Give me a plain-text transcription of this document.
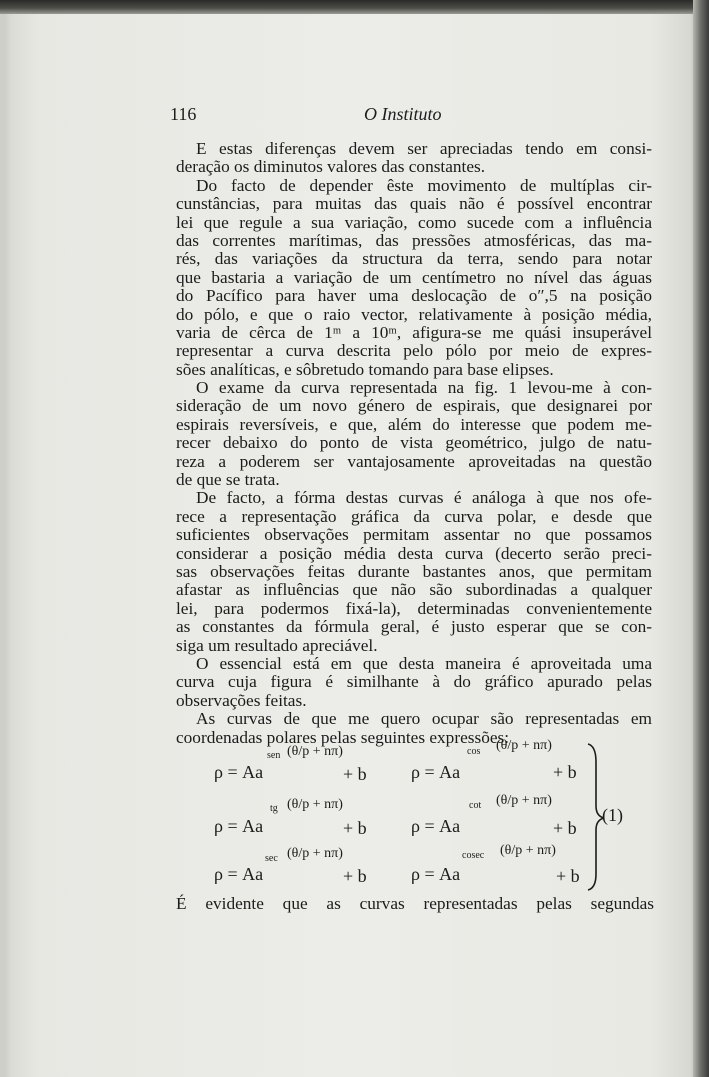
116	O Instituto
E estas diferenças devem ser apreciadas tendo em consi-
deração os diminutos valores das constantes.
Do facto de depender êste movimento de multíplas cir-
cunstâncias, para muitas das quais não é possível encontrar
lei que regule a sua variação, como sucede com a influência
das correntes marítimas, das pressões atmosféricas, das ma-
rés, das variações da structura da terra, sendo para notar
que bastaria a variação de um centímetro no nível das águas
do Pacífico para haver uma deslocação de o″,5 na posição
do pólo, e que o raio vector, relativamente à posição média,
varia de cêrca de 1ᵐ a 10ᵐ, afigura-se me quási insuperável
representar a curva descrita pelo pólo por meio de expres-
sões analíticas, e sôbretudo tomando para base elipses.
O exame da curva representada na fig. 1 levou-me à con-
sideração de um novo género de espirais, que designarei por
espirais reversíveis, e que, além do interesse que podem me-
recer debaixo do ponto de vista geométrico, julgo de natu-
reza a poderem ser vantajosamente aproveitadas na questão
de que se trata.
De facto, a fórma destas curvas é análoga à que nos ofe-
rece a representação gráfica da curva polar, e desde que
suficientes observações permitam assentar no que possamos
considerar a posição média desta curva (decerto serão preci-
sas observações feitas durante bastantes anos, que permitam
afastar as influências que não são subordinadas a qualquer
lei, para podermos fixá-la), determinadas convenientemente
as constantes da fórmula geral, é justo esperar que se con-
siga um resultado apreciável.
O essencial está em que desta maneira é aproveitada uma
curva cuja figura é similhante à do gráfico apurado pelas
observações feitas.
As curvas de que me quero ocupar são representadas em
coordenadas polares pelas seguintes expressões:
ρ = Aa
sen (θ/p + nπ)
+ b ρ = Aa
cos (θ/p + nπ)
+ b
ρ = Aa
tg (θ/p + nπ)
+ b ρ = Aa
cot (θ/p + nπ)
+ b
ρ = Aa
sec (θ/p + nπ)
+ b ρ = Aa
cosec (θ/p + nπ)
+ b
(1)
É evidente que as curvas representadas pelas segundas
